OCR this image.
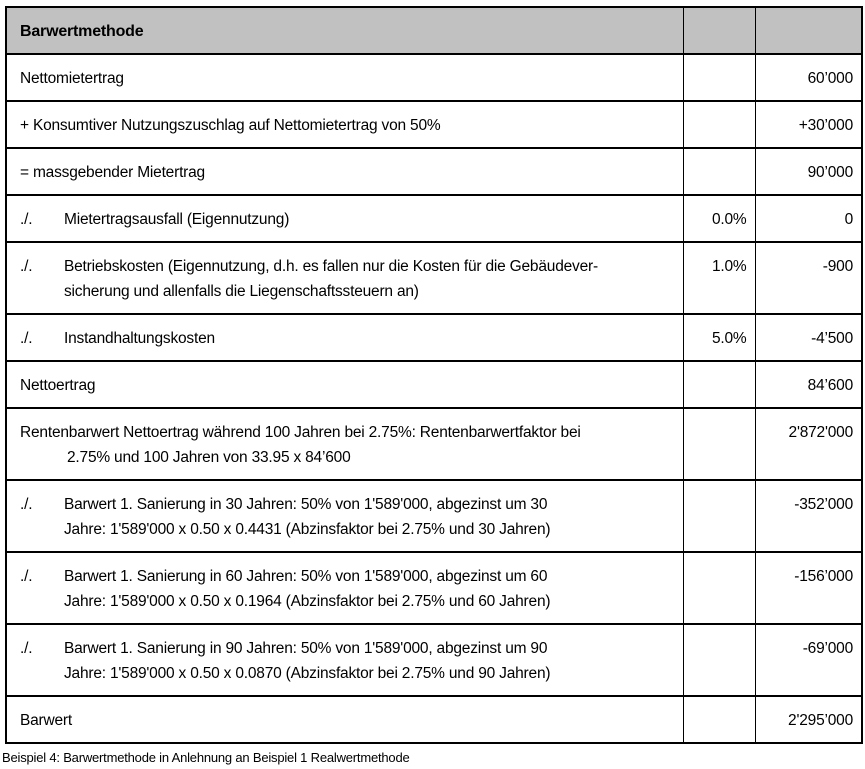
Barwertmethode		

Nettomietertrag		60’000

+ Konsumtiver Nutzungszuschlag auf Nettomietertrag von 50%		+30’000

= massgebender Mietertrag		90’000

./. Mietertragsausfall (Eigennutzung)	0.0%	0

./. Betriebskosten (Eigennutzung, d.h. es fallen nur die Kosten für die Gebäudever-
sicherung und allenfalls die Liegenschaftssteuern an)	1.0%	-900

./. Instandhaltungskosten	5.0%	-4’500

Nettoertrag		84’600

Rentenbarwert Nettoertrag während 100 Jahren bei 2.75%: Rentenbarwertfaktor bei
2.75% und 100 Jahren von 33.95 x 84’600		2'872'000

./. Barwert 1. Sanierung in 30 Jahren: 50% von 1'589'000, abgezinst um 30
Jahre: 1'589'000 x 0.50 x 0.4431 (Abzinsfaktor bei 2.75% und 30 Jahren)		-352’000

./. Barwert 1. Sanierung in 60 Jahren: 50% von 1'589'000, abgezinst um 60
Jahre: 1'589'000 x 0.50 x 0.1964 (Abzinsfaktor bei 2.75% und 60 Jahren)		-156’000

./. Barwert 1. Sanierung in 90 Jahren: 50% von 1'589'000, abgezinst um 90
Jahre: 1'589'000 x 0.50 x 0.0870 (Abzinsfaktor bei 2.75% und 90 Jahren)		-69’000

Barwert		2'295’000
Beispiel 4: Barwertmethode in Anlehnung an Beispiel 1 Realwertmethode
